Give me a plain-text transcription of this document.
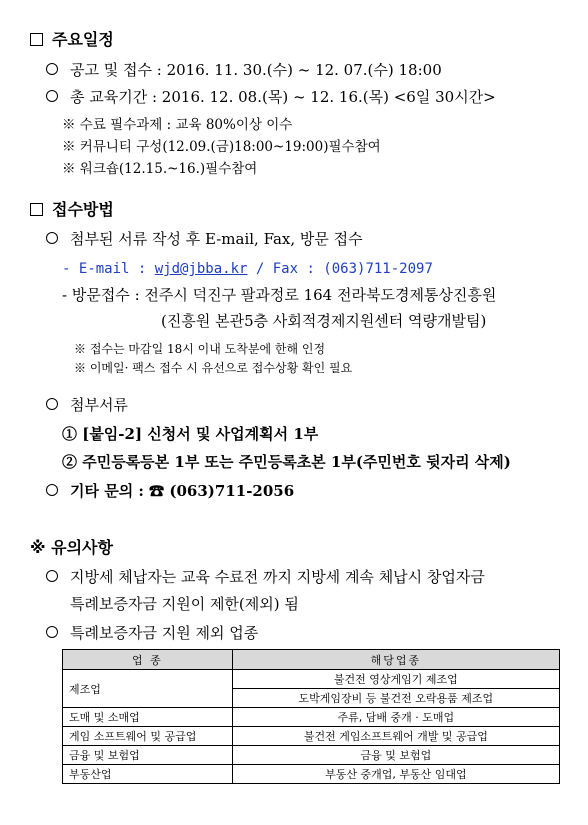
주요일정
공고 및 접수 : 2016. 11. 30.(수) ~ 12. 07.(수) 18:00
총 교육기간 : 2016. 12. 08.(목) ~ 12. 16.(목) <6일 30시간>
※ 수료 필수과제 : 교육 80%이상 이수
※ 커뮤니티 구성(12.09.(금)18:00~19:00)필수참여
※ 워크숍(12.15.~16.)필수참여
접수방법
첨부된 서류 작성 후 E-mail, Fax, 방문 접수
- E-mail : wjd@jbba.kr / Fax : (063)711-2097
- 방문접수 : 전주시 덕진구 팔과정로 164 전라북도경제통상진흥원
(진흥원 본관5층 사회적경제지원센터 역량개발팀)
※ 접수는 마감일 18시 이내 도착분에 한해 인정
※ 이메일· 팩스 접수 시 유선으로 접수상황 확인 필요
첨부서류
① [붙임-2] 신청서 및 사업계획서 1부
② 주민등록등본 1부 또는 주민등록초본 1부(주민번호 뒷자리 삭제)
기타 문의 : ☎ (063)711-2056
※ 유의사항
지방세 체납자는 교육 수료전 까지 지방세 계속 체납시 창업자금
특례보증자금 지원이 제한(제외) 됨
특례보증자금 지원 제외 업종
업 종	해당업종
제조업	불건전 영상게임기 제조업
	도박게임장비 등 불건전 오락용품 제조업
도매 및 소매업	주류, 담배 중개 · 도매업
게임 소프트웨어 및 공급업	불건전 게임소프트웨어 개발 및 공급업
금융 및 보험업	금융 및 보험업
부동산업	부동산 중개업, 부동산 임대업
